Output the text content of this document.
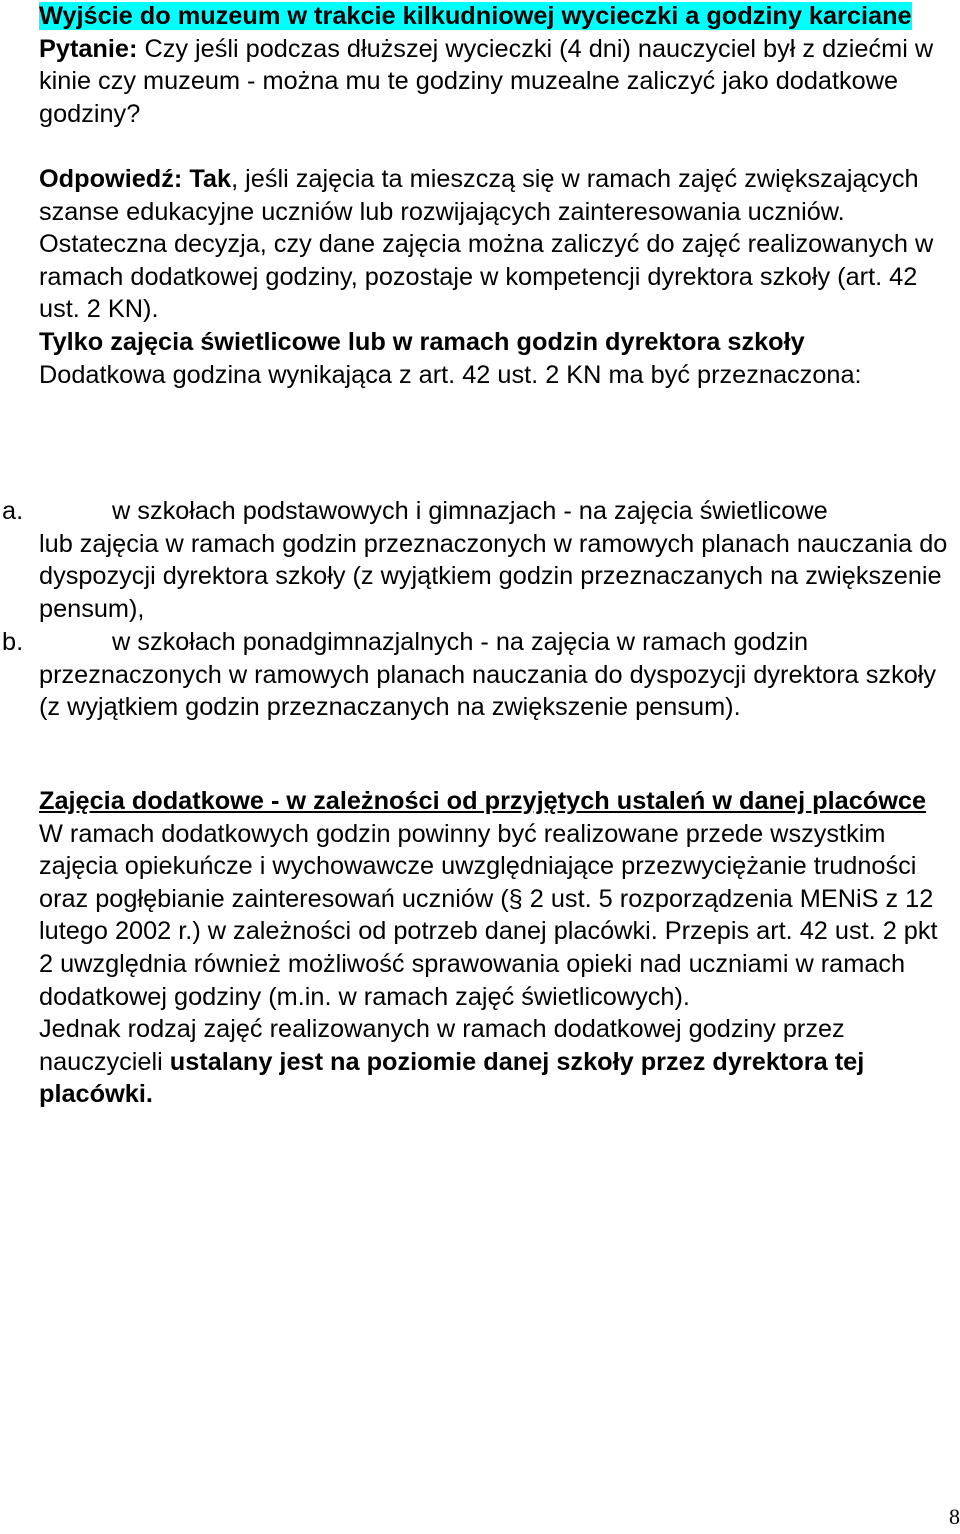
Wyjście do muzeum w trakcie kilkudniowej wycieczki a godziny karciane
Pytanie: Czy jeśli podczas dłuższej wycieczki (4 dni) nauczyciel był z dziećmi w kinie czy muzeum - można mu te godziny muzealne zaliczyć jako dodatkowe godziny?
Odpowiedź: Tak, jeśli zajęcia ta mieszczą się w ramach zajęć zwiększających szanse edukacyjne uczniów lub rozwijających zainteresowania uczniów. Ostateczna decyzja, czy dane zajęcia można zaliczyć do zajęć realizowanych w ramach dodatkowej godziny, pozostaje w kompetencji dyrektora szkoły (art. 42 ust. 2 KN).
Tylko zajęcia świetlicowe lub w ramach godzin dyrektora szkoły
Dodatkowa godzina wynikająca z art. 42 ust. 2 KN ma być przeznaczona:
a.	w szkołach podstawowych i gimnazjach - na zajęcia świetlicowe
lub zajęcia w ramach godzin przeznaczonych w ramowych planach nauczania do dyspozycji dyrektora szkoły (z wyjątkiem godzin przeznaczanych na zwiększenie pensum),
b.	w szkołach ponadgimnazjalnych - na zajęcia w ramach godzin
przeznaczonych w ramowych planach nauczania do dyspozycji dyrektora szkoły (z wyjątkiem godzin przeznaczanych na zwiększenie pensum).
Zajęcia dodatkowe - w zależności od przyjętych ustaleń w danej placówce
W ramach dodatkowych godzin powinny być realizowane przede wszystkim zajęcia opiekuńcze i wychowawcze uwzględniające przezwyciężanie trudności oraz pogłębianie zainteresowań uczniów (§ 2 ust. 5 rozporządzenia MENiS z 12 lutego 2002 r.) w zależności od potrzeb danej placówki. Przepis art. 42 ust. 2 pkt 2 uwzględnia również możliwość sprawowania opieki nad uczniami w ramach dodatkowej godziny (m.in. w ramach zajęć świetlicowych).
Jednak rodzaj zajęć realizowanych w ramach dodatkowej godziny przez nauczycieli ustalany jest na poziomie danej szkoły przez dyrektora tej placówki.
8
